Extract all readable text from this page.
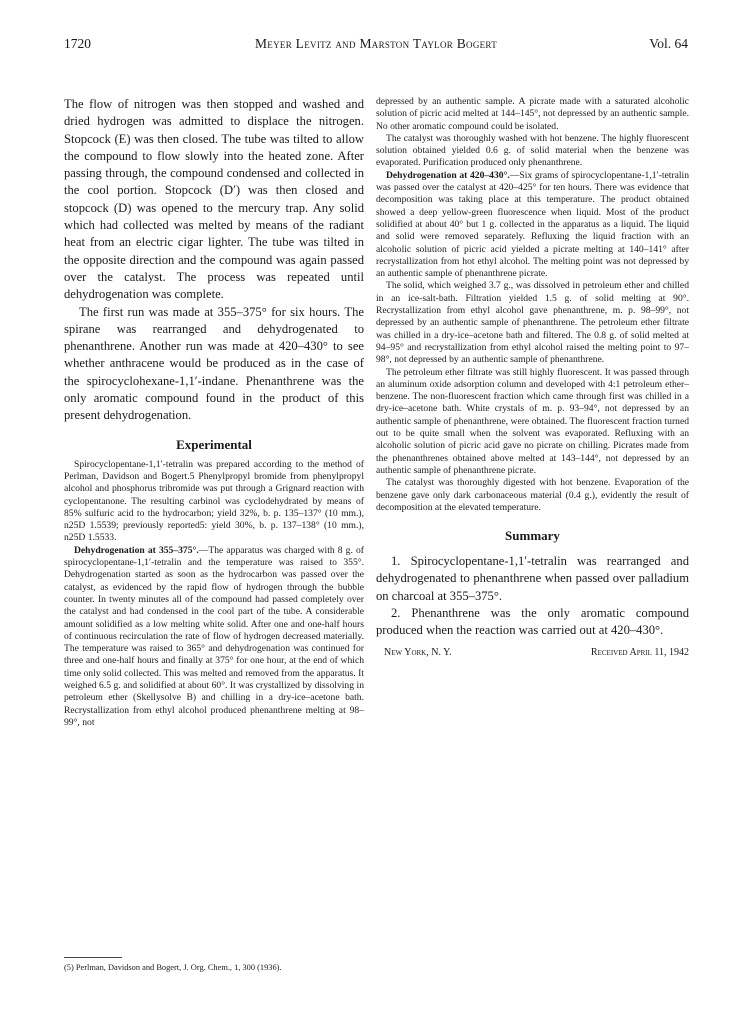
1720	Meyer Levitz and Marston Taylor Bogert	Vol. 64

The flow of nitrogen was then stopped and washed and dried hydrogen was admitted to displace the nitrogen. Stopcock (E) was then closed. The tube was tilted to allow the compound to flow slowly into the heated zone. After passing through, the compound condensed and collected in the cool portion. Stopcock (D′) was then closed and stopcock (D) was opened to the mercury trap. Any solid which had collected was melted by means of the radiant heat from an electric cigar lighter. The tube was tilted in the opposite direction and the compound was again passed over the catalyst. The process was repeated until dehydrogenation was complete.

The first run was made at 355–375° for six hours. The spirane was rearranged and dehydrogenated to phenanthrene. Another run was made at 420–430° to see whether anthracene would be produced as in the case of the spirocyclohexane-1,1′-indane. Phenanthrene was the only aromatic compound found in the product of this present dehydrogenation.

Experimental

Spirocyclopentane-1,1′-tetralin was prepared according to the method of Perlman, Davidson and Bogert.5 Phenylpropyl bromide from phenylpropyl alcohol and phosphorus tribromide was put through a Grignard reaction with cyclopentanone. The resulting carbinol was cyclodehydrated by means of 85% sulfuric acid to the hydrocarbon; yield 32%, b. p. 135–137° (10 mm.), n25D 1.5539; previously reported5: yield 30%, b. p. 137–138° (10 mm.), n25D 1.5533.

Dehydrogenation at 355–375°.—The apparatus was charged with 8 g. of spirocyclopentane-1,1′-tetralin and the temperature was raised to 355°. Dehydrogenation started as soon as the hydrocarbon was passed over the catalyst, as evidenced by the rapid flow of hydrogen through the bubble counter. In twenty minutes all of the compound had passed completely over the catalyst and had condensed in the cool part of the tube. A considerable amount solidified as a low melting white solid. After one and one-half hours of continuous recirculation the rate of flow of hydrogen decreased materially. The temperature was raised to 365° and dehydrogenation was continued for three and one-half hours and finally at 375° for one hour, at the end of which time only solid collected. This was melted and removed from the apparatus. It weighed 6.5 g. and solidified at about 60°. It was crystallized by dissolving in petroleum ether (Skellysolve B) and chilling in a dry-ice–acetone bath. Recrystallization from ethyl alcohol produced phenanthrene melting at 98–99°, not

(5) Perlman, Davidson and Bogert, J. Org. Chem., 1, 300 (1936).

depressed by an authentic sample. A picrate made with a saturated alcoholic solution of picric acid melted at 144–145°, not depressed by an authentic sample. No other aromatic compound could be isolated.

The catalyst was thoroughly washed with hot benzene. The highly fluorescent solution obtained yielded 0.6 g. of solid material when the benzene was evaporated. Purification produced only phenanthrene.

Dehydrogenation at 420–430°.—Six grams of spirocyclopentane-1,1′-tetralin was passed over the catalyst at 420–425° for ten hours. There was evidence that decomposition was taking place at this temperature. The product obtained showed a deep yellow-green fluorescence when liquid. Most of the product solidified at about 40° but 1 g. collected in the apparatus as a liquid. The liquid and solid were removed separately. Refluxing the liquid fraction with an alcoholic solution of picric acid yielded a picrate melting at 140–141° after recrystallization from hot ethyl alcohol. The melting point was not depressed by an authentic sample of phenanthrene picrate.

The solid, which weighed 3.7 g., was dissolved in petroleum ether and chilled in an ice-salt-bath. Filtration yielded 1.5 g. of solid melting at 90°. Recrystallization from ethyl alcohol gave phenanthrene, m. p. 98–99°, not depressed by an authentic sample of phenanthrene. The petroleum ether filtrate was chilled in a dry-ice–acetone bath and filtered. The 0.8 g. of solid melted at 94–95° and recrystallization from ethyl alcohol raised the melting point to 97–98°, not depressed by an authentic sample of phenanthrene.

The petroleum ether filtrate was still highly fluorescent. It was passed through an aluminum oxide adsorption column and developed with 4:1 petroleum ether–benzene. The non-fluorescent fraction which came through first was chilled in a dry-ice–acetone bath. White crystals of m. p. 93–94°, not depressed by an authentic sample of phenanthrene, were obtained. The fluorescent fraction turned out to be quite small when the solvent was evaporated. Refluxing with an alcoholic solution of picric acid gave no picrate on chilling. Picrates made from the phenanthrenes obtained above melted at 143–144°, not depressed by an authentic sample of phenanthrene picrate.

The catalyst was thoroughly digested with hot benzene. Evaporation of the benzene gave only dark carbonaceous material (0.4 g.), evidently the result of decomposition at the elevated temperature.

Summary

1. Spirocyclopentane-1,1′-tetralin was rearranged and dehydrogenated to phenanthrene when passed over palladium on charcoal at 355–375°.

2. Phenanthrene was the only aromatic compound produced when the reaction was carried out at 420–430°.

New York, N. Y.	Received April 11, 1942
